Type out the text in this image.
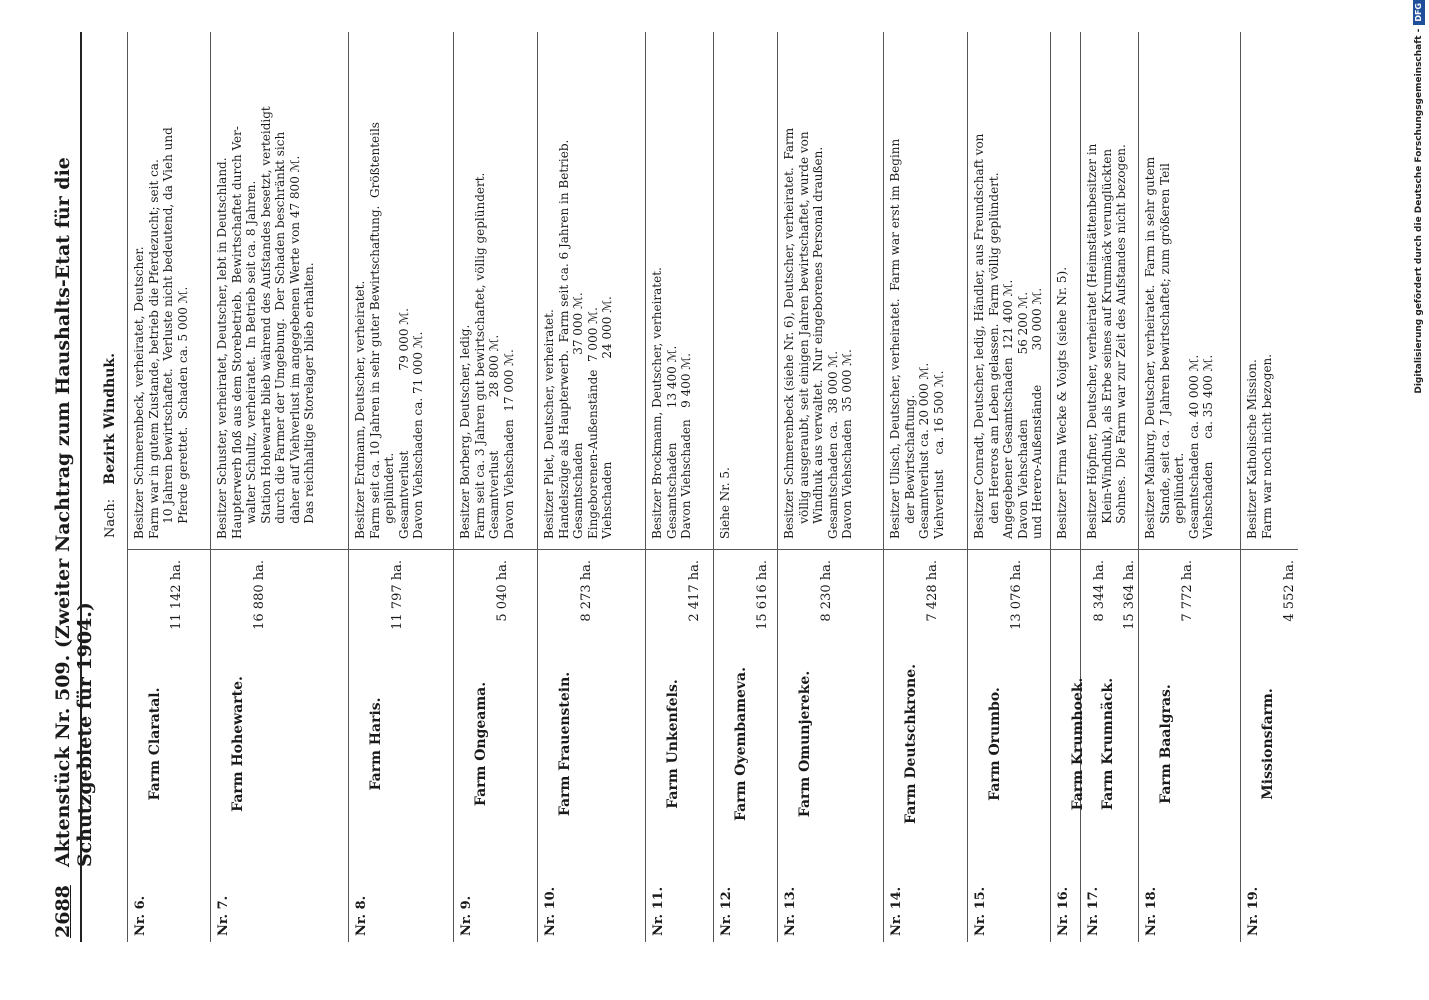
2688
Aktenstück Nr. 509. (Zweiter Nachtrag zum Haushalts-Etat für die Schutzgebiete für 1904.)
Nach: Bezirk Windhuk.
Nr. 6.
Farm Claratal.
11 142 ha.
Besitzer Schmerenbeck, verheiratet, Deutscher. Farm war in gutem Zustande, betrieb die Pferdezucht; seit ca. 10 Jahren bewirtschaftet.  Verluste nicht bedeutend, da Vieh und
Pferde gerettet.  Schaden ca. 5 000 ℳ.
Nr. 7.
Farm Hohewarte.
16 880 ha.
Besitzer Schuster, verheiratet, Deutscher, lebt in Deutschland. Haupterwerb floß aus dem Storebetrieb.  Bewirtschaftet durch Ver- walter Schultz, verheiratet.  In Betrieb seit ca. 8 Jahren.
Station Hohewarte blieb während des Aufstandes besetzt, verteidigt
durch die Farmer der Umgebung.  Der Schaden beschränkt sich
daher auf Viehverlust im angegebenen Werte von 47 800 ℳ.
Das reichhaltige Storelager blieb erhalten.
Nr. 8.
Farm Haris.
11 797 ha.
Besitzer Erdmann, Deutscher, verheiratet. Farm seit ca. 10 Jahren in sehr guter Bewirtschaftung.  Größtenteils geplündert. Gesamtverlust                     79 000 ℳ. Davon Viehschaden ca. 71 000 ℳ.
Nr. 9.
Farm Ongeama.
5 040 ha.
Besitzer Borberg, Deutscher, ledig. Farm seit ca. 3 Jahren gut bewirtschaftet, völlig geplündert. Gesamtverlust              28 800 ℳ. Davon Viehschaden  17 000 ℳ.
Nr. 10.
Farm Frauenstein.
8 273 ha.
Besitzer Pilet, Deutscher, verheiratet. Handelszüge als Haupterwerb.  Farm seit ca. 6 Jahren in Betrieb. Gesamtschaden                       37 000 ℳ. Eingeborenen-Außenstände  7 000 ℳ. Viehschaden                           24 000 ℳ.
Nr. 11.
Farm Unkenfels.
2 417 ha.
Besitzer Brockmann, Deutscher, verheiratet. Gesamtschaden         13 400 ℳ. Davon Viehschaden   9 400 ℳ.
Nr. 12.
Farm Oyembameva.
15 616 ha.
Siehe Nr. 5.
Nr. 13.
Farm Omunjereke.
8 230 ha.
Besitzer Schmerenbeck (siehe Nr. 6), Deutscher, verheiratet.  Farm völlig ausgeraubt, seit einigen Jahren bewirtschaftet, wurde von
Windhuk aus verwaltet.  Nur eingeborenes Personal draußen. Gesamtschaden ca.  38 000 ℳ. Davon Viehschaden  35 000 ℳ.
Nr. 14.
Farm Deutschkrone.
7 428 ha.
Besitzer Ulisch, Deutscher, verheiratet.  Farm war erst im Beginn der Bewirtschaftung. Gesamtverlust ca. 20 000 ℳ. Viehverlust    ca. 16 500 ℳ.
Nr. 15.
Farm Orumbo.
13 076 ha.
Besitzer Conradt, Deutscher, ledig, Händler, aus Freundschaft von den Hereros am Leben gelassen.  Farm völlig geplündert. Angegebener Gesamtschaden  121 400 ℳ. Davon Viehschaden                 56 200 ℳ. und Herero-Außenstände         30 000 ℳ.
Nr. 16.
Farm Krumhoek.
8 344 ha.
Besitzer Firma Wecke & Voigts (siehe Nr. 5).
Nr. 17.
Farm Krumnäck.
15 364 ha.
Besitzer Höpfner, Deutscher, verheiratet (Heimstättenbesitzer in Klein-Windhuk), als Erbe seines auf Krumnäck verunglückten
Sohnes.  Die Farm war zur Zeit des Aufstandes nicht bezogen.
Nr. 18.
Farm Baalgras.
7 772 ha.
Besitzer Maiburg, Deutscher, verheiratet.  Farm in sehr gutem Stande, seit ca. 7 Jahren bewirtschaftet; zum größeren Teil
geplündert. Gesamtschaden ca. 40 000 ℳ. Viehschaden      ca. 35 400 ℳ.
Nr. 19.
Missionsfarm.
4 552 ha.
Besitzer Katholische Mission. Farm war noch nicht bezogen.
Digitalisierung gefördert durch die Deutsche Forschungsgemeinschaft -
DFG
